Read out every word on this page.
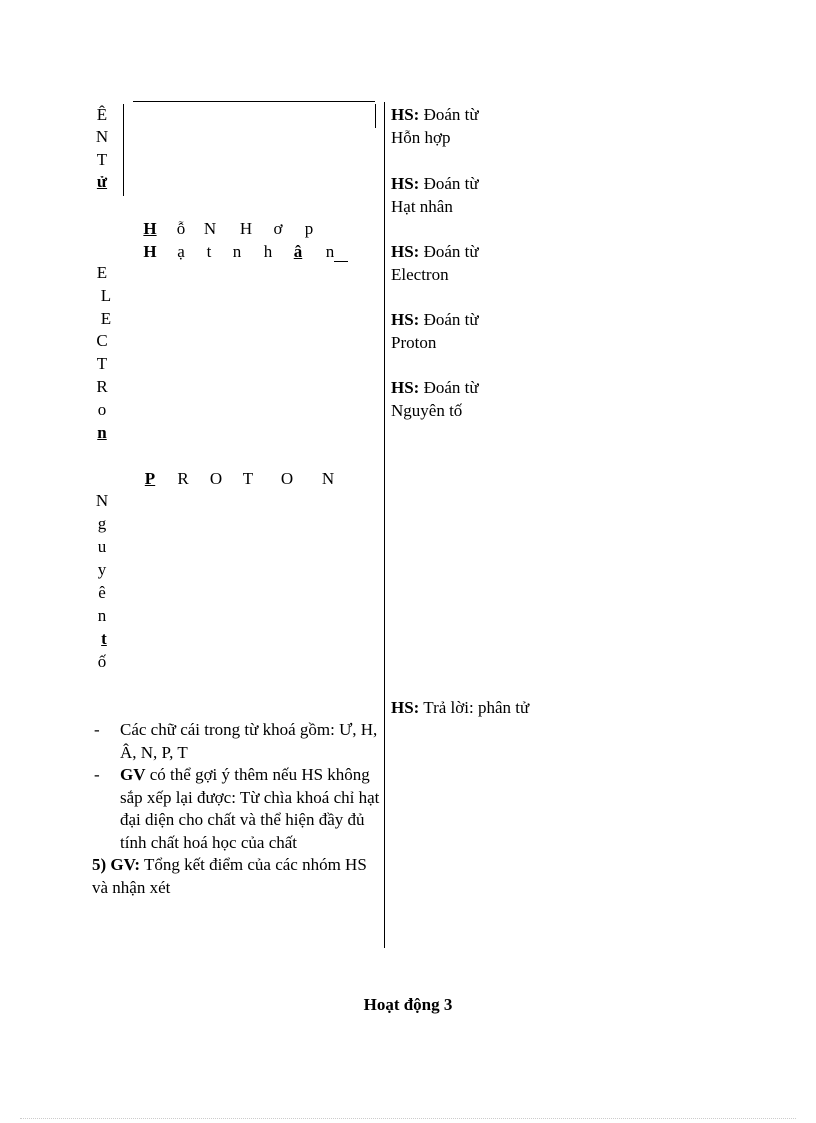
Ê
N
T
ử
E
L
E
C
T
R
o
n
N
g
u
y
ê
n
t
ố
H	ỗ	N H	ơ	p
H	ạ	t	n	h	â	n
P R O T O N
HS: Đoán từ
Hỗn hợp
HS: Đoán từ
Hạt nhân
HS: Đoán từ
Electron
HS: Đoán từ
Proton
HS: Đoán từ
Nguyên tố
HS: Trả lời: phân tử
- Các chữ cái trong từ khoá gồm: Ư, H, Â, N, P, T
- GV có thể gợi ý thêm nếu HS không sắp xếp lại được: Từ chìa khoá chỉ hạt đại diện cho chất và thể hiện đầy đủ tính chất hoá học của chất
5) GV: Tổng kết điểm của các nhóm HS và nhận xét
Hoạt động 3
